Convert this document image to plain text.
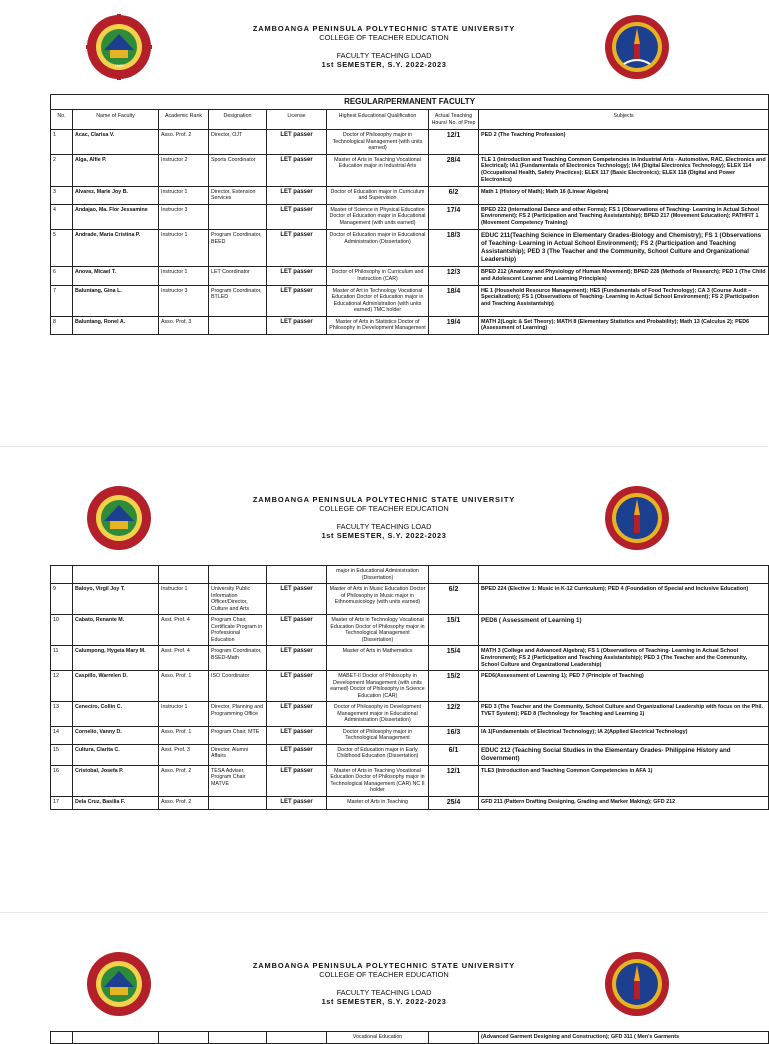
1905
ZAMBOANGA PENINSULA POLYTECHNIC STATE UNIVERSITY
COLLEGE OF TEACHER EDUCATION
FACULTY TEACHING LOAD
1st SEMESTER, S.Y. 2022-2023
REGULAR/PERMANENT FACULTY							
No.	Name of Faculty	Academic Rank	Designation	License	Highest Educational Qualification	Actual Teaching Hours/ No. of Prep	Subjects
1	Acac, Clarisa V.	Asso. Prof. 2	Director, OJT	LET passer	Doctor of Philosophy major in Technological Management (with units earned)	12/1	PED 2 (The Teaching Profession)
2	Alga, Alfie P.	Instructor 2	Sports Coordinator	LET passer	Master of Arts in Teaching Vocational Education major in Industrial Arts	28/4	TLE 1 (Introduction and Teaching Common Competencies in Industrial Arts - Automotive, RAC, Electronics and Electrical); IA1 (Fundamentals of Electronics Technology); IA4 (Digital Electronics Technology); ELEX 114 (Occupational Health, Safety Practices); ELEX 117 (Basic Electronics); ELEX 118 (Digital and Power Electronics)
3	Alvarez, Marie Joy B.	Instructor 1	Director, Extension Services	LET passer	Doctor of Education major in Curriculum and Supervision	6/2	Math 1 (History of Math); Math 16 (Linear Algebra)
4	Andajao, Ma. Flor Jessamine	Instructor 3		LET passer	Master of Science in Physical Education Doctor of Education major in Educational Management (with units earned)	17/4	BPED 222 (International Dance and other Forms); FS 1 (Observations of Teaching- Learning in Actual School Environment); FS 2 (Participation and Teaching Assistantship); BPED 217 (Movement Education); PATHFIT 1 (Movement Competency Training)
5	Andrade, Maria Cristina P.	Instructor 1	Program Coordinator, BEED	LET passer	Doctor of Education major in Educational Administration (Dissertation)	18/3	EDUC 211(Teaching Science in Elementary Grades-Biology and Chemistry); FS 1 (Observations of Teaching- Learning in Actual School Environment); FS 2 (Participation and Teaching Assistantship); PED 3 (The Teacher and the Community, School Culture and Organizational Leadership)
6	Anova, Micael T.	Instructor 1	LET Coordinator	LET passer	Doctor of Philosophy in Curriculum and Instruction (CAR)	12/3	BPED 212 (Anatomy and Physiology of Human Movement); BPED 228 (Methods of Research); PED 1 (The Child and Adolescent Learner and Learning Principles)
7	Baluntang, Gina L.	Instructor 3	Program Coordinator, BTLED	LET passer	Master of Art in Technology Vocational Education Doctor of Education major in Educational Administration (with units earned) TMC holder	18/4	HE 1 (Household Resource Management); HE5 (Fundamentals of Food Technology); CA 3 (Course Audit – Specialization); FS 1 (Observations of Teaching- Learning in Actual School Environment); FS 2 (Participation and Teaching Assistantship)
8	Baluntang, Ronel A.	Asso. Prof. 3		LET passer	Master of Arts in Statistics Doctor of Philosophy in Development Management	19/4	MATH 2(Logic & Set Theory); MATH 8 (Elementary Statistics and Probability); Math 13 (Calculus 2); PED6 (Assessment of Learning)
ZAMBOANGA PENINSULA POLYTECHNIC STATE UNIVERSITY
COLLEGE OF TEACHER EDUCATION
FACULTY TEACHING LOAD
1st SEMESTER, S.Y. 2022-2023
					major in Educational Administration (Dissertation)		
9	Baloyo, Virgil Joy T.	Instructor 1	University Public Information Officer/Director, Culture and Arts	LET passer	Master of Arts in Music Education Doctor of Philosophy in Music major in Ethnomusicology (with units earned)	6/2	BPED 224 (Elective 1: Music in K-12 Curriculum); PED 4 (Foundation of Special and Inclusive Education)
10	Cabato, Renante M.	Asst. Prof. 4	Program Chair, Certificate Program in Professional Education	LET passer	Master of Arts in Technology Vocational Education Doctor of Philosophy major in Technological Management (Dissertation)	15/1	PED6 ( Assessment of Learning 1)
11	Calumpong, Hygeia Mary M.	Asst. Prof. 4	Program Coordinator, BSED-Math	LET passer	Master of Arts in Mathematics	15/4	MATH 3 (College and Advanced Algebra); FS 1 (Observations of Teaching- Learning in Actual School Environment); FS 2 (Participation and Teaching Assistantship); PED 3 (The Teacher and the Community, School Culture and Organizational Leadership)
12	Caspillo, Warrelen D.	Asso. Prof. 1	ISO Coordinator	LET passer	MABET-II Doctor of Philosophy in Development Management (with units earned) Doctor of Philosophy in Science Education (CAR)	15/2	PED6(Assessment of Learning 1); PED 7 (Principle of Teaching)
13	Ceneciro, Collin C.	Instructor 1	Director, Planning and Programming Office	LET passer	Doctor of Philosophy in Development Management major in Educational Administration (Dissertation)	12/2	PED 3 (The Teacher and the Community, School Culture and Organizational Leadership with focus on the Phil. TVET System); PED 8 (Technology for Teaching and Learning 1)
14	Cornelio, Vanny D.	Asso. Prof. 1	Program Chair, MTE	LET passer	Doctor of Philosophy major in Technological Management	16/3	IA 1(Fundamentals of Electrical Technology); IA 2(Applied Electrical Technology)
15	Cultura, Clarita C.	Asst. Prof. 3	Director, Alumni Affairs	LET passer	Doctor of Education major in Early Childhood Education (Dissertation)	6/1	EDUC 212 (Teaching Social Studies in the Elementary Grades- Philippine History and Government)
16	Cristobal, Josefa P.	Asso. Prof. 2	TESA Adviser, Program Chair MATVE	LET passer	Master of Arts in Teaching Vocational Education Doctor of Philosophy major in Technological Management (CAR) NC II holder	12/1	TLE3 (Introduction and Teaching Common Competencies in AFA 1)
17	Dela Cruz, Basilia F.	Asso. Prof. 2		LET passer	Master of Arts in Teaching	25/4	GFD 211 (Pattern Drafting Designing, Grading and Marker Making); GFD 212
ZAMBOANGA PENINSULA POLYTECHNIC STATE UNIVERSITY
COLLEGE OF TEACHER EDUCATION
FACULTY TEACHING LOAD
1st SEMESTER, S.Y. 2022-2023
					Vocational Education		(Advanced Garment Designing and Construction); GFD 311 ( Men's Garments
